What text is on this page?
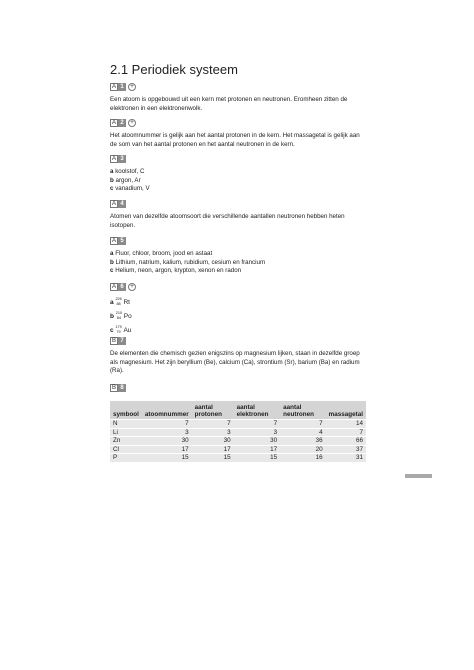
2.1 Periodiek systeem
A 1 +

Een atoom is opgebouwd uit een kern met protonen en neutronen. Eromheen zitten de elektronen in een elektronenwolk.

A 2 +

Het atoomnummer is gelijk aan het aantal protonen in de kern. Het massagetal is gelijk aan de som van het aantal protonen en het aantal neutronen in de kern.

A 3
a koolstof, C
b argon, Ar
c vanadium, V
A 4

Atomen van dezelfde atoomsoort die verschillende aantallen neutronen hebben heten isotopen.

A 5
a Fluor, chloor, broom, jood en astaat
b Lithium, natrium, kalium, rubidium, cesium en francium
c Helium, neon, argon, krypton, xenon en radon
A 6 +
a 226
88 Rt
b 210
84 Po
c 179
79 Au
B 7

De elementen die chemisch gezien enigszins op magnesium lijken, staan in dezelfde groep als magnesium. Het zijn beryllium (Be), calcium (Ca), strontium (Sr), barium (Ba) en radium (Ra).

B 8
symbool	atoomnummer	aantal protonen	aantal elektronen	aantal neutronen	massagetal
N	7	7	7	7	14
Li	3	3	3	4	7
Zn	30	30	30	36	66
Cl	17	17	17	20	37
P	15	15	15	16	31
